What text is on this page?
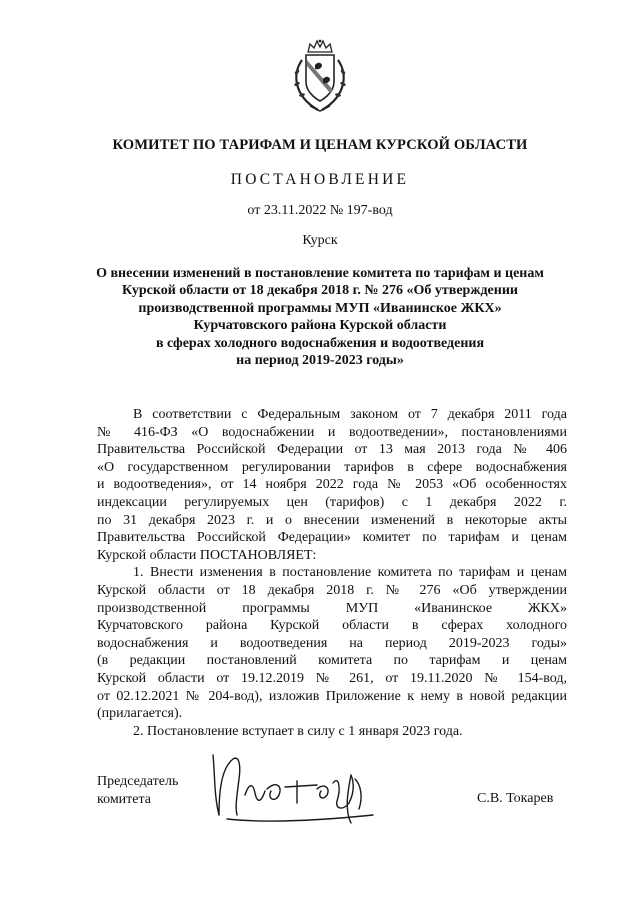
КОМИТЕТ ПО ТАРИФАМ И ЦЕНАМ КУРСКОЙ ОБЛАСТИ
ПОСТАНОВЛЕНИЕ
от 23.11.2022 № 197-вод
Курск
О внесении изменений в постановление комитета по тарифам и ценам
Курской области от 18 декабря 2018 г. № 276 «Об утверждении
производственной программы МУП «Иванинское ЖКХ»
Курчатовского района Курской области
в сферах холодного водоснабжения и водоотведения
на период 2019-2023 годы»
В соответствии с Федеральным законом от 7 декабря 2011 года
№ 416-ФЗ «О водоснабжении и водоотведении», постановлениями
Правительства Российской Федерации от 13 мая 2013 года № 406
«О государственном регулировании тарифов в сфере водоснабжения
и водоотведения», от 14 ноября 2022 года № 2053 «Об особенностях
индексации регулируемых цен (тарифов) с 1 декабря 2022 г.
по 31 декабря 2023 г. и о внесении изменений в некоторые акты
Правительства Российской Федерации» комитет по тарифам и ценам
Курской области ПОСТАНОВЛЯЕТ:
1. Внести изменения в постановление комитета по тарифам и ценам
Курской области от 18 декабря 2018 г. № 276 «Об утверждении
производственной программы МУП «Иванинское ЖКХ»
Курчатовского района Курской области в сферах холодного
водоснабжения и водоотведения на период 2019-2023 годы»
(в редакции постановлений комитета по тарифам и ценам
Курской области от 19.12.2019 № 261, от 19.11.2020 № 154-вод,
от 02.12.2021 № 204-вод), изложив Приложение к нему в новой редакции
(прилагается).
2. Постановление вступает в силу с 1 января 2023 года.
Председатель
комитета	С.В. Токарев
